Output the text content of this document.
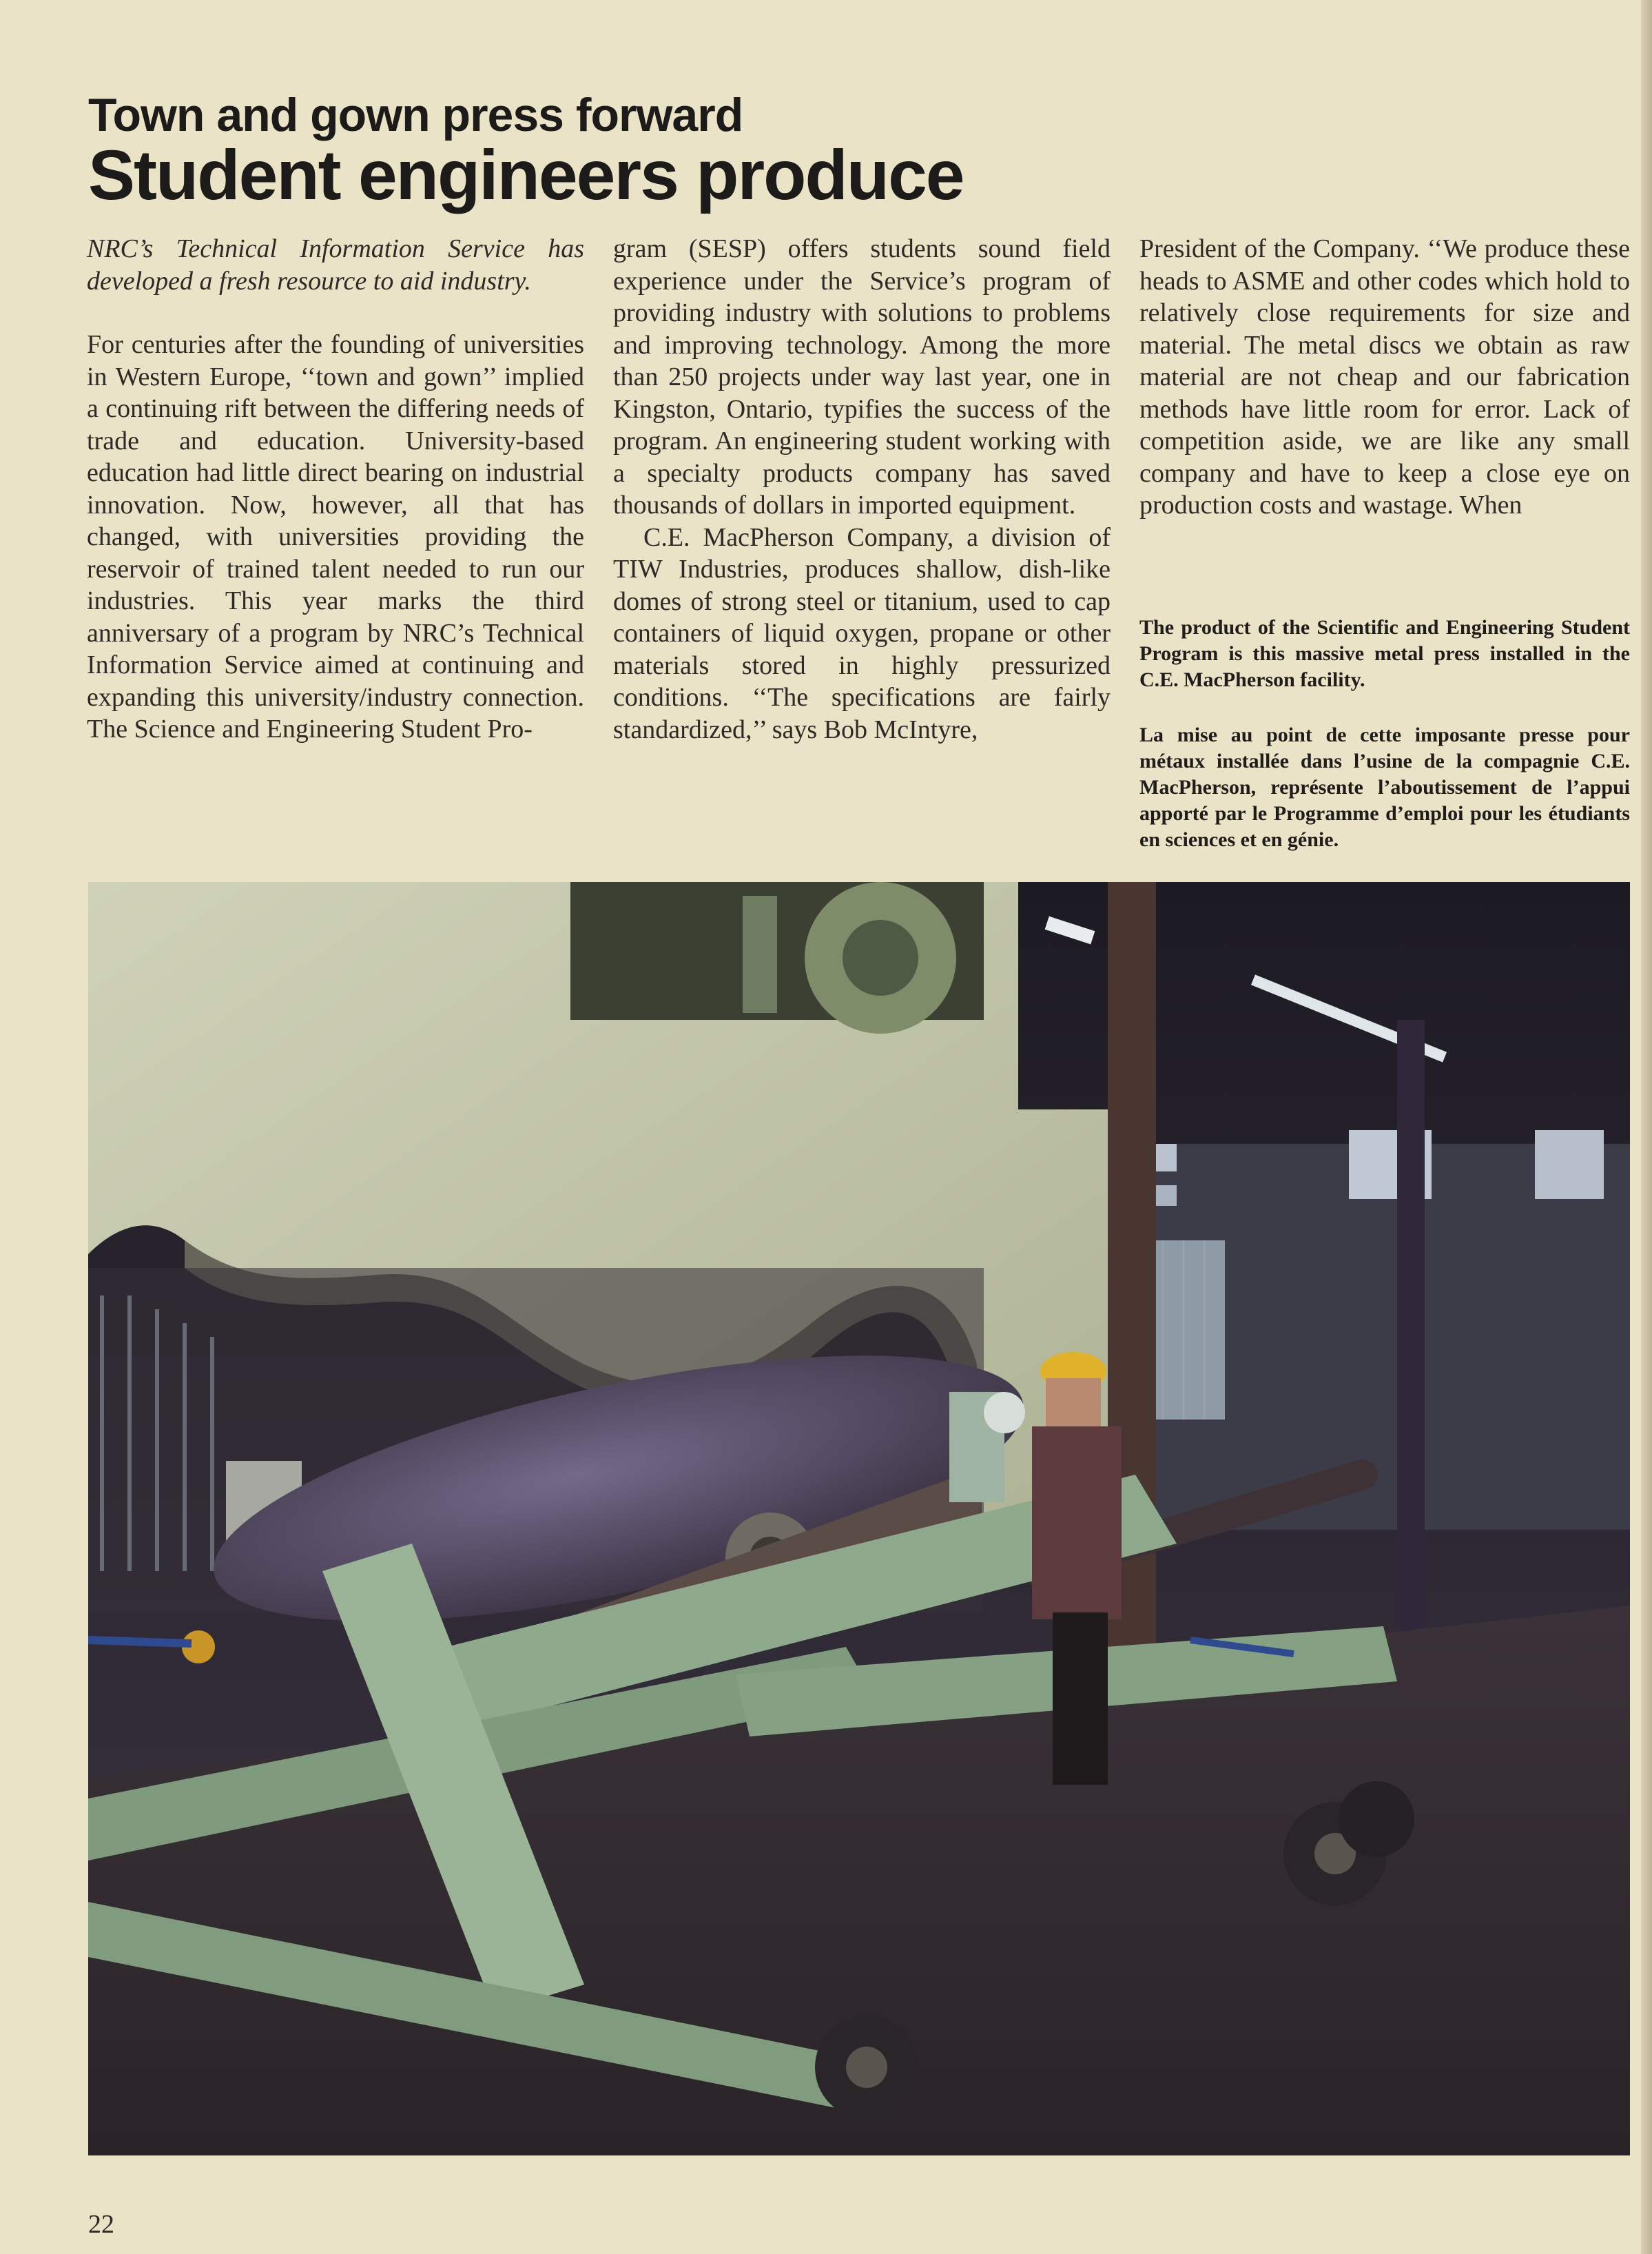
Town and gown press forward
Student engineers produce

NRC’s Technical Information Service has developed a fresh resource to aid industry.

For centuries after the founding of universities in Western Europe, ‘‘town and gown’’ implied a continuing rift between the differing needs of trade and education. University-based education had little direct bearing on industrial innovation. Now, however, all that has changed, with universities providing the reservoir of trained talent needed to run our industries. This year marks the third anniversary of a program by NRC’s Technical Information Service aimed at continuing and expanding this university/industry connection. The Science and Engineering Student Pro-

gram (SESP) offers students sound field experience under the Service’s program of providing industry with solutions to problems and improving technology. Among the more than 250 projects under way last year, one in Kingston, Ontario, typifies the success of the program. An engineering student working with a specialty products company has saved thousands of dollars in imported equipment.

C.E. MacPherson Company, a division of TIW Industries, produces shallow, dish-like domes of strong steel or titanium, used to cap containers of liquid oxygen, propane or other materials stored in highly pressurized conditions. ‘‘The specifications are fairly standardized,’’ says Bob McIntyre,

President of the Company. ‘‘We produce these heads to ASME and other codes which hold to relatively close requirements for size and material. The metal discs we obtain as raw material are not cheap and our fabrication methods have little room for error. Lack of competition aside, we are like any small company and have to keep a close eye on production costs and wastage. When

The product of the Scientific and Engineering Student Program is this massive metal press installed in the C.E. MacPherson facility.

La mise au point de cette imposante presse pour métaux installée dans l’usine de la compagnie C.E. MacPherson, représente l’aboutissement de l’appui apporté par le Programme d’emploi pour les étudiants en sciences et en génie.

22
